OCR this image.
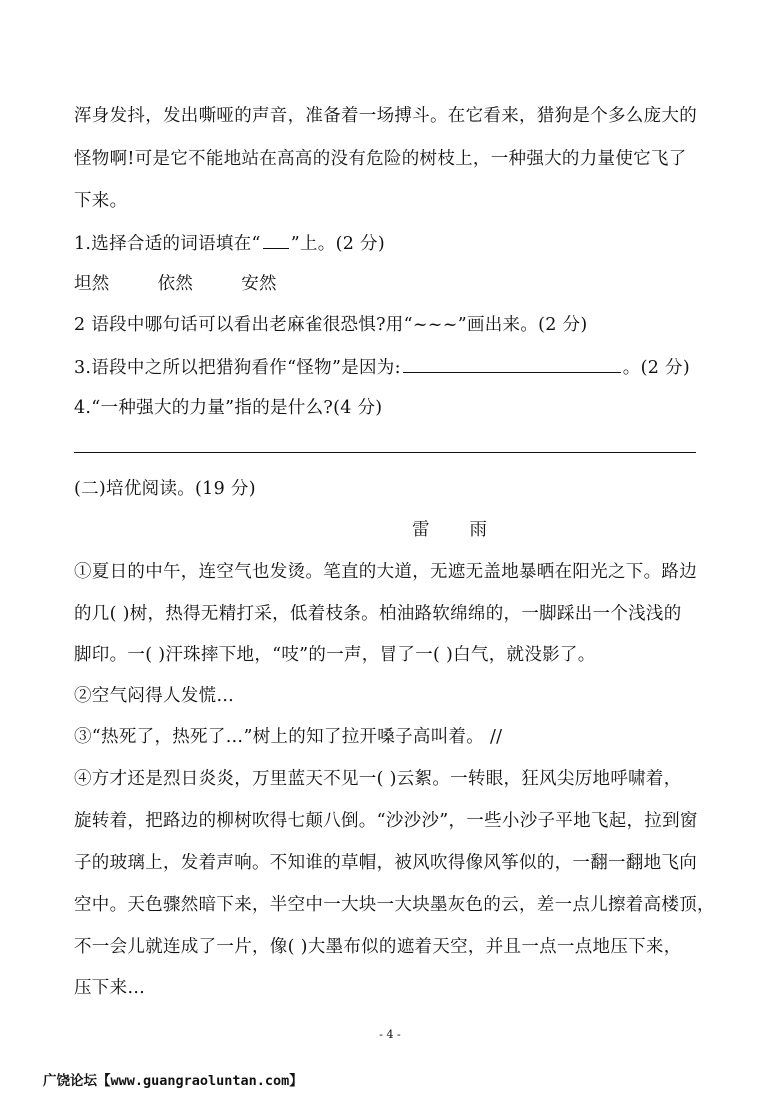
浑身发抖，发出嘶哑的声音，准备着一场搏斗。在它看来，猎狗是个多么庞大的
怪物啊!可是它不能地站在高高的没有危险的树枝上，一种强大的力量使它飞了
下来。
1.选择合适的词语填在“ ”上。(2 分)
坦然	依然	安然
2 语段中哪句话可以看出老麻雀很恐惧?用“~~~”画出来。(2 分)
3.语段中之所以把猎狗看作“怪物”是因为:	。(2 分)
4.“一种强大的力量”指的是什么?(4 分)
(二)培优阅读。(19 分)
雷雨
①夏日的中午，连空气也发烫。笔直的大道，无遮无盖地暴晒在阳光之下。路边
的几( )树，热得无精打采，低着枝条。柏油路软绵绵的，一脚踩出一个浅浅的
脚印。一( )汗珠摔下地，“吱”的一声，冒了一( )白气，就没影了。
②空气闷得人发慌…
③“热死了，热死了…”树上的知了拉开嗓子高叫着。 //
④方才还是烈日炎炎，万里蓝天不见一( )云絮。一转眼，狂风尖厉地呼啸着，
旋转着，把路边的柳树吹得七颠八倒。“沙沙沙”，一些小沙子平地飞起，拉到窗
子的玻璃上，发着声响。不知谁的草帽，被风吹得像风筝似的，一翻一翻地飞向
空中。天色骤然暗下来，半空中一大块一大块墨灰色的云，差一点儿擦着高楼顶，
不一会儿就连成了一片，像( )大墨布似的遮着天空，并且一点一点地压下来，
压下来…
- 4 -
广饶论坛【www.guangraoluntan.com】
